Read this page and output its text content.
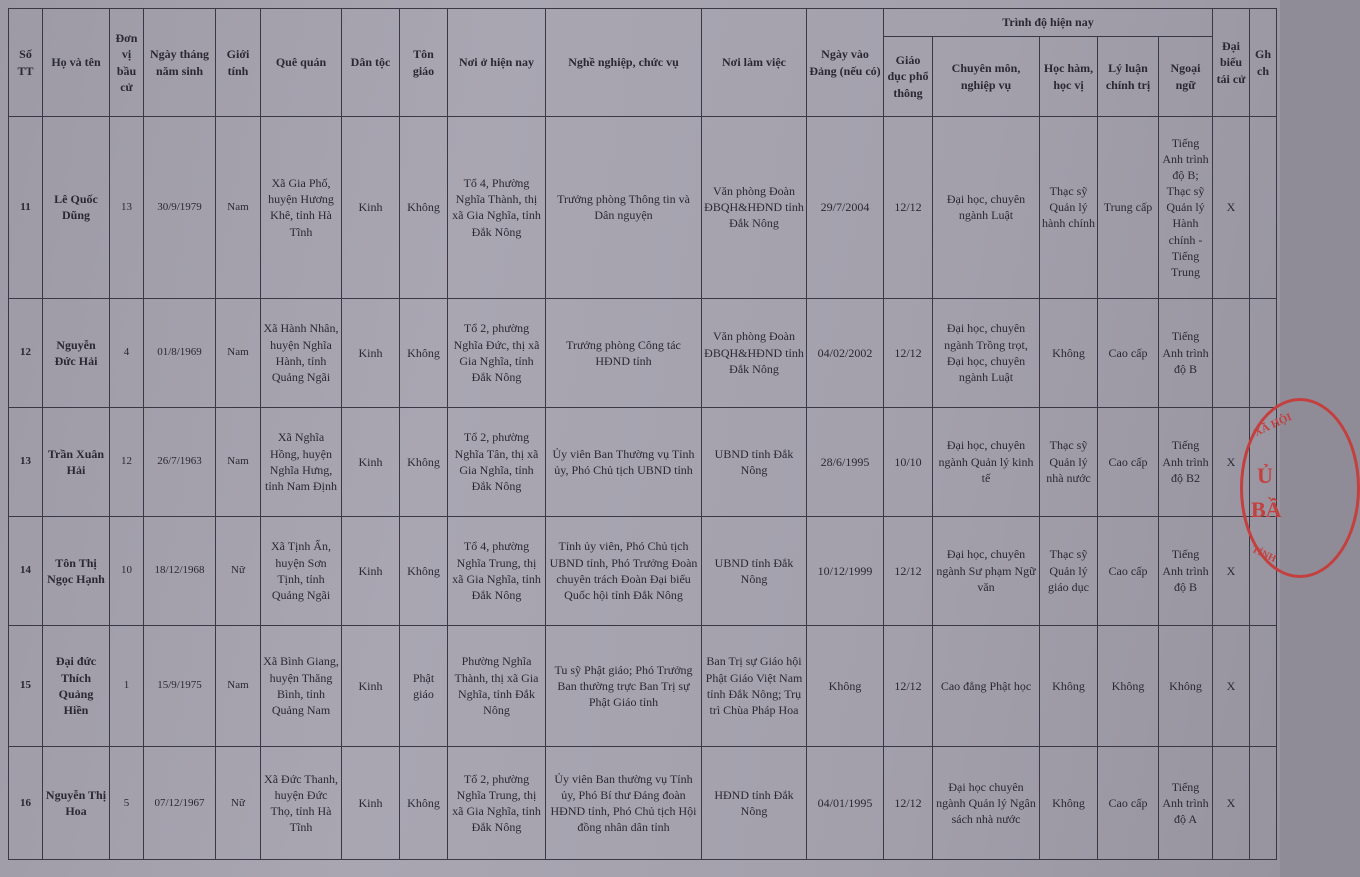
Số TT	Họ và tên	Đơn vị bầu cử	Ngày tháng năm sinh	Giới tính	Quê quán	Dân tộc	Tôn giáo	Nơi ở hiện nay	Nghề nghiệp, chức vụ	Nơi làm việc	Ngày vào Đảng (nếu có)	Trình độ hiện nay					Đại biểu tái cử	Gh ch
												Giáo dục phổ thông	Chuyên môn, nghiệp vụ	Học hàm, học vị	Lý luận chính trị	Ngoại ngữ		
11	Lê Quốc Dũng	13	30/9/1979	Nam	Xã Gia Phố, huyện Hương Khê, tỉnh Hà Tĩnh	Kinh	Không	Tổ 4, Phường Nghĩa Thành, thị xã Gia Nghĩa, tỉnh Đắk Nông	Trưởng phòng Thông tin và Dân nguyện	Văn phòng Đoàn ĐBQH&HĐND tỉnh Đắk Nông	29/7/2004	12/12	Đại học, chuyên ngành Luật	Thạc sỹ Quản lý hành chính	Trung cấp	Tiếng Anh trình độ B; Thạc sỹ Quản lý Hành chính - Tiếng Trung	X	
12	Nguyễn Đức Hải	4	01/8/1969	Nam	Xã Hành Nhân, huyện Nghĩa Hành, tỉnh Quảng Ngãi	Kinh	Không	Tổ 2, phường Nghĩa Đức, thị xã Gia Nghĩa, tỉnh Đắk Nông	Trưởng phòng Công tác HĐND tỉnh	Văn phòng Đoàn ĐBQH&HĐND tỉnh Đắk Nông	04/02/2002	12/12	Đại học, chuyên ngành Trồng trọt, Đại học, chuyên ngành Luật	Không	Cao cấp	Tiếng Anh trình độ B		
13	Trần Xuân Hải	12	26/7/1963	Nam	Xã Nghĩa Hồng, huyện Nghĩa Hưng, tỉnh Nam Định	Kinh	Không	Tổ 2, phường Nghĩa Tân, thị xã Gia Nghĩa, tỉnh Đắk Nông	Ủy viên Ban Thường vụ Tỉnh ủy, Phó Chủ tịch UBND tỉnh	UBND tỉnh Đắk Nông	28/6/1995	10/10	Đại học, chuyên ngành Quản lý kinh tế	Thạc sỹ Quản lý nhà nước	Cao cấp	Tiếng Anh trình độ B2	X	
14	Tôn Thị Ngọc Hạnh	10	18/12/1968	Nữ	Xã Tịnh Ấn, huyện Sơn Tịnh, tỉnh Quảng Ngãi	Kinh	Không	Tổ 4, phường Nghĩa Trung, thị xã Gia Nghĩa, tỉnh Đắk Nông	Tỉnh ủy viên, Phó Chủ tịch UBND tỉnh, Phó Trưởng Đoàn chuyên trách Đoàn Đại biểu Quốc hội tỉnh Đắk Nông	UBND tỉnh Đắk Nông	10/12/1999	12/12	Đại học, chuyên ngành Sư phạm Ngữ văn	Thạc sỹ Quản lý giáo dục	Cao cấp	Tiếng Anh trình độ B	X	
15	Đại đức Thích Quảng Hiền	1	15/9/1975	Nam	Xã Bình Giang, huyện Thăng Bình, tỉnh Quảng Nam	Kinh	Phật giáo	Phường Nghĩa Thành, thị xã Gia Nghĩa, tỉnh Đắk Nông	Tu sỹ Phật giáo; Phó Trưởng Ban thường trực Ban Trị sự Phật Giáo tỉnh	Ban Trị sự Giáo hội Phật Giáo Việt Nam tỉnh Đắk Nông; Trụ trì Chùa Pháp Hoa	Không	12/12	Cao đẳng Phật học	Không	Không	Không	X	
16	Nguyễn Thị Hoa	5	07/12/1967	Nữ	Xã Đức Thanh, huyện Đức Thọ, tỉnh Hà Tĩnh	Kinh	Không	Tổ 2, phường Nghĩa Trung, thị xã Gia Nghĩa, tỉnh Đắk Nông	Ủy viên Ban thường vụ Tỉnh ủy, Phó Bí thư Đảng đoàn HĐND tỉnh, Phó Chủ tịch Hội đồng nhân dân tỉnh	HĐND tỉnh Đắk Nông	04/01/1995	12/12	Đại học chuyên ngành Quản lý Ngân sách nhà nước	Không	Cao cấp	Tiếng Anh trình độ A	X	
XÃ HỘI
Ủ
BẦ
TỈNH
